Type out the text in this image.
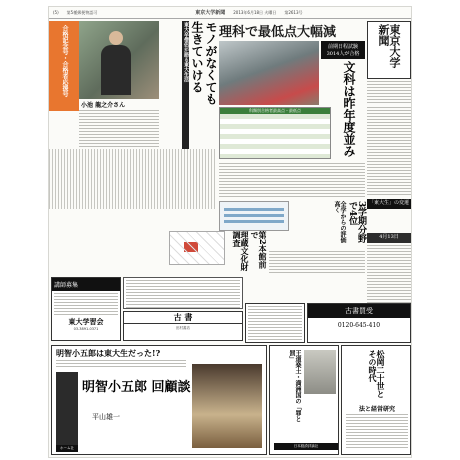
(5) 第5種郵便物認可	東京大学新聞 2013年6月18日 火曜日 第2613号
合格記念号・合格者応援号
小池 龍之介さん
モノがなくても
生きていける
東大卒僧侶が語る東大生活	東京大学新聞
理科で最低点大幅減
前期日程試験
3014人が合格
文科は昨年度並み
科類別合格者最高点・最低点
3学期分野で4位
全学からの評価高く
第2本館前で
理蔵文化財調査
「東大生」の変遷
4月13日
講師募集
東大学習会
03-3891-0371
古 書
田村書店
古書買受
0120-645-410
明智小五郎は東大生だった!?
明智小五郎 回顧談
平山雄一
ホーム社
王道楽土・満洲国の「罪と罰」
日本経済評論社
松岡二十世とその時代
法と経営研究
